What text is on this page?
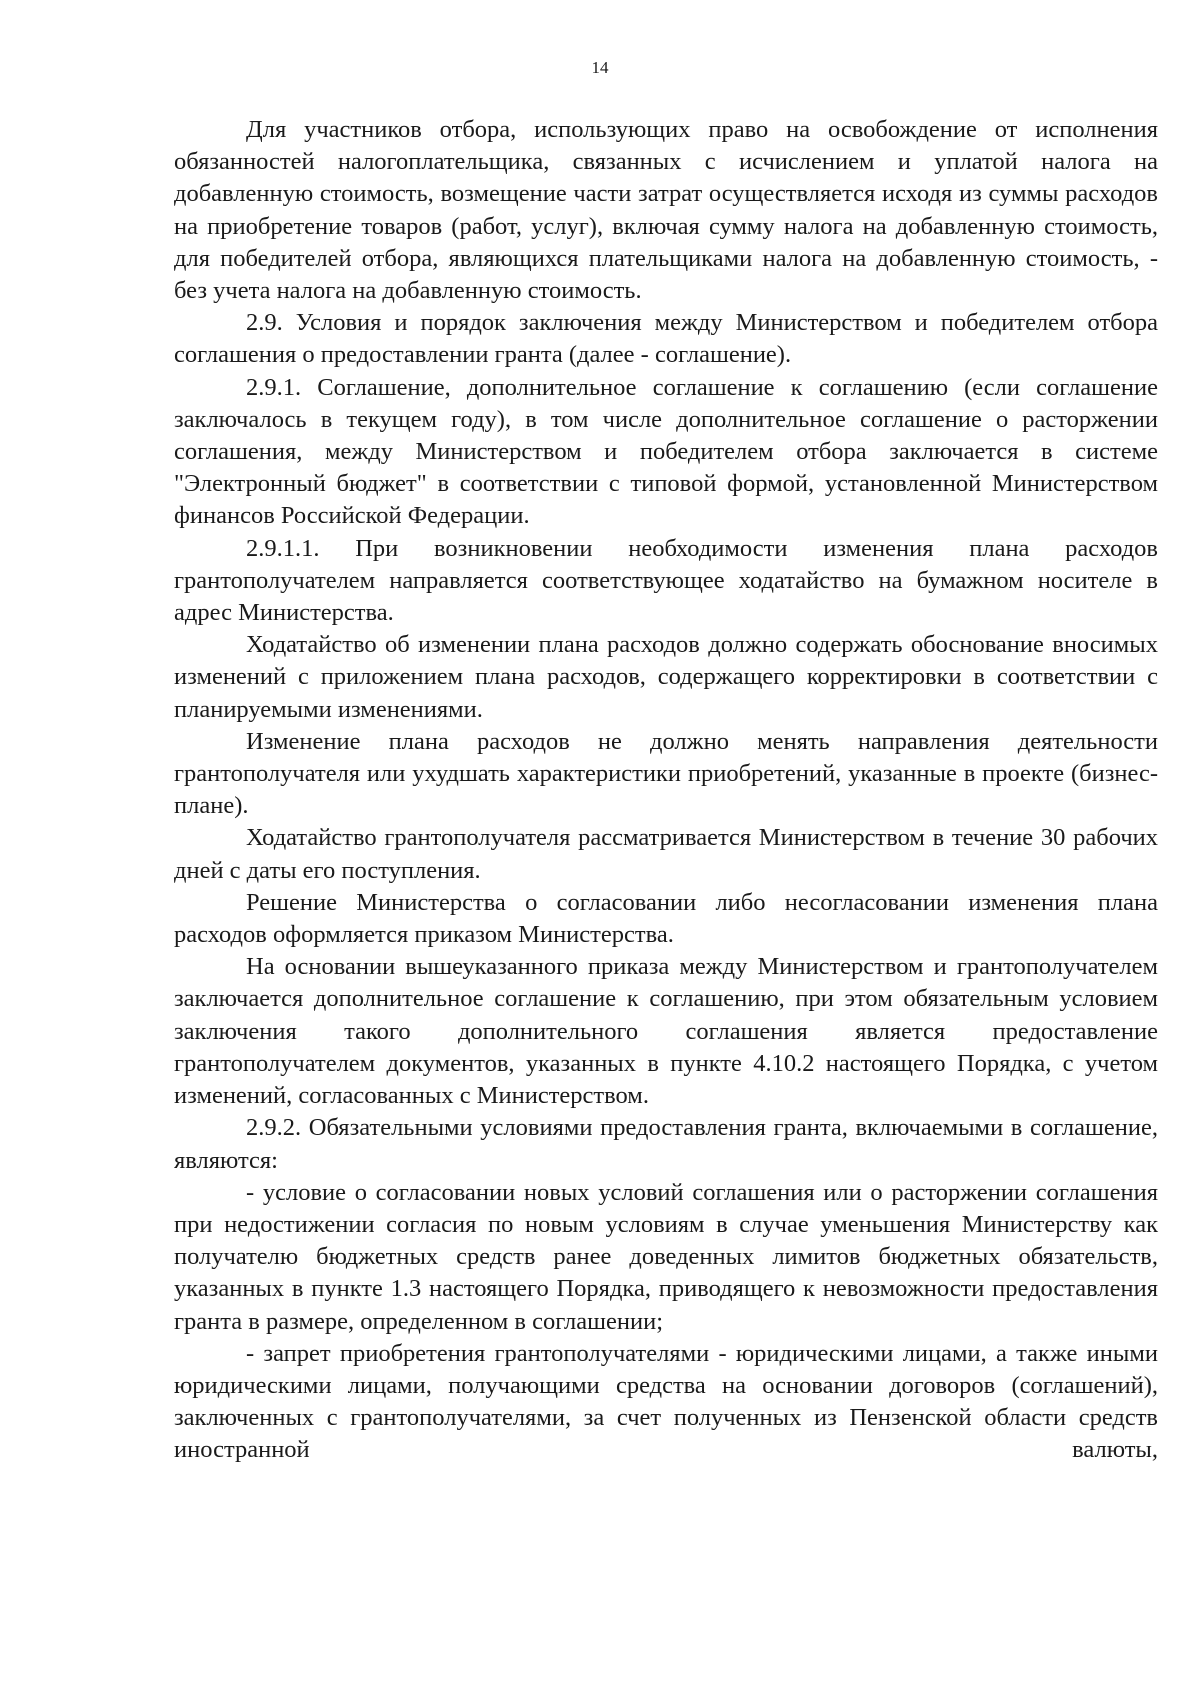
14

Для участников отбора, использующих право на освобождение от исполнения обязанностей налогоплательщика, связанных с исчислением и уплатой налога на добавленную стоимость, возмещение части затрат осуществляется исходя из суммы расходов на приобретение товаров (работ, услуг), включая сумму налога на добавленную стоимость, для победителей отбора, являющихся плательщиками налога на добавленную стоимость, - без учета налога на добавленную стоимость.

2.9. Условия и порядок заключения между Министерством и победителем отбора соглашения о предоставлении гранта (далее - соглашение).

2.9.1. Соглашение, дополнительное соглашение к соглашению (если соглашение заключалось в текущем году), в том числе дополнительное соглашение о расторжении соглашения, между Министерством и победителем отбора заключается в системе "Электронный бюджет" в соответствии с типовой формой, установленной Министерством финансов Российской Федерации.

2.9.1.1. При возникновении необходимости изменения плана расходов грантополучателем направляется соответствующее ходатайство на бумажном носителе в адрес Министерства.

Ходатайство об изменении плана расходов должно содержать обоснование вносимых изменений с приложением плана расходов, содержащего корректировки в соответствии с планируемыми изменениями.

Изменение плана расходов не должно менять направления деятельности грантополучателя или ухудшать характеристики приобретений, указанные в проекте (бизнес-плане).

Ходатайство грантополучателя рассматривается Министерством в течение 30 рабочих дней с даты его поступления.

Решение Министерства о согласовании либо несогласовании изменения плана расходов оформляется приказом Министерства.

На основании вышеуказанного приказа между Министерством и грантополучателем заключается дополнительное соглашение к соглашению, при этом обязательным условием заключения такого дополнительного соглашения является предоставление грантополучателем документов, указанных в пункте 4.10.2 настоящего Порядка, с учетом изменений, согласованных с Министерством.

2.9.2. Обязательными условиями предоставления гранта, включаемыми в соглашение, являются:

- условие о согласовании новых условий соглашения или о расторжении соглашения при недостижении согласия по новым условиям в случае уменьшения Министерству как получателю бюджетных средств ранее доведенных лимитов бюджетных обязательств, указанных в пункте 1.3 настоящего Порядка, приводящего к невозможности предоставления гранта в размере, определенном в соглашении;

- запрет приобретения грантополучателями - юридическими лицами, а также иными юридическими лицами, получающими средства на основании договоров (соглашений), заключенных с грантополучателями, за счет полученных из Пензенской области средств иностранной валюты,
